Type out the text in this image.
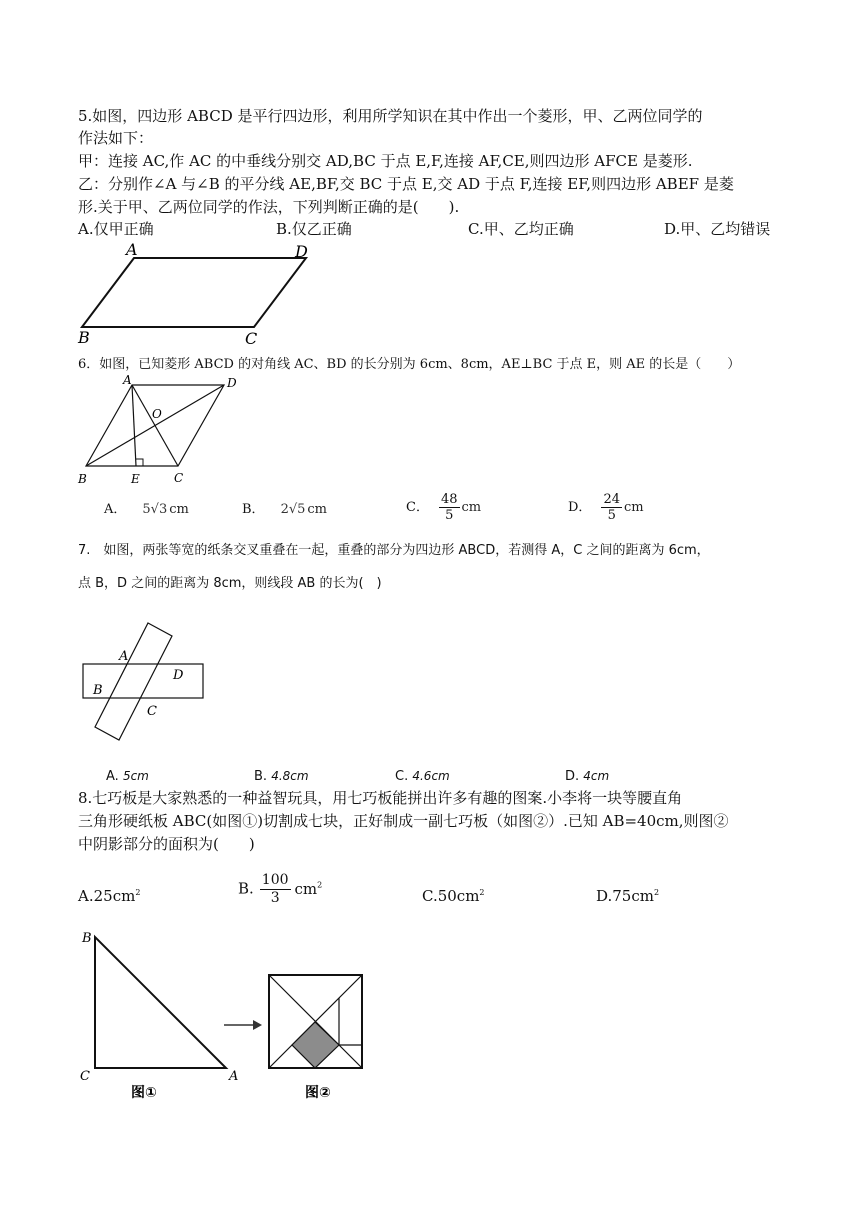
5.如图，四边形 ABCD 是平行四边形，利用所学知识在其中作出一个菱形，甲、乙两位同学的
作法如下：
甲：连接 AC,作 AC 的中垂线分别交 AD,BC 于点 E,F,连接 AF,CE,则四边形 AFCE 是菱形.
乙：分别作∠A 与∠B 的平分线 AE,BF,交 BC 于点 E,交 AD 于点 F,连接 EF,则四边形 ABEF 是菱
形.关于甲、乙两位同学的作法，下列判断正确的是(　　).
A.仅甲正确	B.仅乙正确	C.甲、乙均正确	D.甲、乙均错误
A	D
B	C
6．如图，已知菱形 ABCD 的对角线 AC、BD 的长分别为 6cm、8cm，AE⊥BC 于点 E，则 AE 的长是（　　）
A	D
O
B	E	C
A． 5√3 cm	B． 2√5 cm	C． $\frac{48}{5}$ cm	D． $\frac{24}{5}$ cm
7.　如图，两张等宽的纸条交叉重叠在一起，重叠的部分为四边形 ABCD，若测得 A，C 之间的距离为 6cm，
点 B，D 之间的距离为 8cm，则线段 AB 的长为(　)
A
D
B
C
A. 5cm	B. 4.8cm	C. 4.6cm	D. 4cm
8.七巧板是大家熟悉的一种益智玩具，用七巧板能拼出许多有趣的图案.小李将一块等腰直角
三角形硬纸板 ABC(如图①)切割成七块，正好制成一副七巧板（如图②）.已知 AB=40cm,则图②
中阴影部分的面积为(　　)
$A.25cm^2$	B. $\frac{100}{3} cm^2$
$C.50cm^2$	$D.75cm^2$
B
C	A
图①	图②
